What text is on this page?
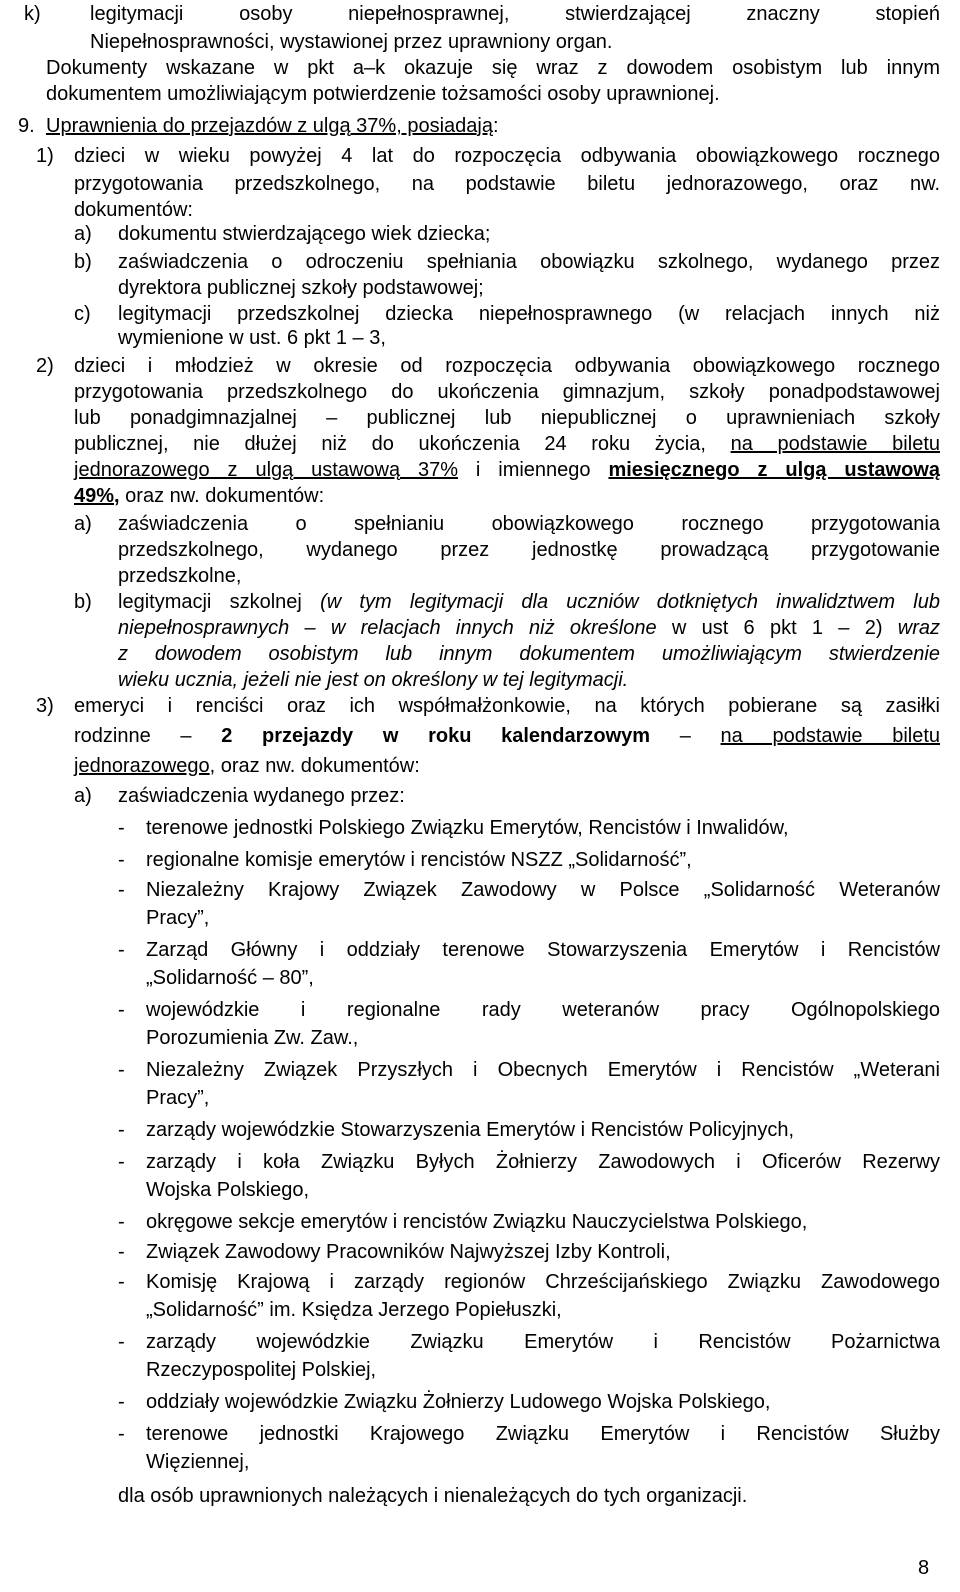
k) legitymacji osoby niepełnosprawnej, stwierdzającej znaczny stopień
Niepełnosprawności, wystawionej przez uprawniony organ.
Dokumenty wskazane w pkt a–k okazuje się wraz z dowodem osobistym lub innym
dokumentem umożliwiającym potwierdzenie tożsamości osoby uprawnionej.
9. Uprawnienia do przejazdów z ulgą 37%, posiadają:
1) dzieci w wieku powyżej 4 lat do rozpoczęcia odbywania obowiązkowego rocznego
przygotowania przedszkolnego, na podstawie biletu jednorazowego, oraz nw.
dokumentów:
a) dokumentu stwierdzającego wiek dziecka;
b) zaświadczenia o odroczeniu spełniania obowiązku szkolnego, wydanego przez
dyrektora publicznej szkoły podstawowej;
c) legitymacji przedszkolnej dziecka niepełnosprawnego (w relacjach innych niż
wymienione w ust. 6 pkt 1 – 3,
2) dzieci i młodzież w okresie od rozpoczęcia odbywania obowiązkowego rocznego
przygotowania przedszkolnego do ukończenia gimnazjum, szkoły ponadpodstawowej
lub ponadgimnazjalnej – publicznej lub niepublicznej o uprawnieniach szkoły
publicznej, nie dłużej niż do ukończenia 24 roku życia, na podstawie biletu
jednorazowego z ulgą ustawową 37% i imiennego miesięcznego z ulgą ustawową
49%, oraz nw. dokumentów:
a) zaświadczenia o spełnianiu obowiązkowego rocznego przygotowania
przedszkolnego, wydanego przez jednostkę prowadzącą przygotowanie
przedszkolne,
b) legitymacji szkolnej (w tym legitymacji dla uczniów dotkniętych inwalidztwem lub
niepełnosprawnych – w relacjach innych niż określone w ust 6 pkt 1 – 2) wraz
z dowodem osobistym lub innym dokumentem umożliwiającym stwierdzenie
wieku ucznia, jeżeli nie jest on określony w tej legitymacji.
3) emeryci i renciści oraz ich współmałżonkowie, na których pobierane są zasiłki
rodzinne – 2 przejazdy w roku kalendarzowym – na podstawie biletu
jednorazowego, oraz nw. dokumentów:
a) zaświadczenia wydanego przez:
- terenowe jednostki Polskiego Związku Emerytów, Rencistów i Inwalidów,
- regionalne komisje emerytów i rencistów NSZZ „Solidarność”,
- Niezależny Krajowy Związek Zawodowy w Polsce „Solidarność Weteranów
Pracy”,
- Zarząd Główny i oddziały terenowe Stowarzyszenia Emerytów i Rencistów
„Solidarność – 80”,
- wojewódzkie i regionalne rady weteranów pracy Ogólnopolskiego
Porozumienia Zw. Zaw.,
- Niezależny Związek Przyszłych i Obecnych Emerytów i Rencistów „Weterani
Pracy”,
- zarządy wojewódzkie Stowarzyszenia Emerytów i Rencistów Policyjnych,
- zarządy i koła Związku Byłych Żołnierzy Zawodowych i Oficerów Rezerwy
Wojska Polskiego,
- okręgowe sekcje emerytów i rencistów Związku Nauczycielstwa Polskiego,
- Związek Zawodowy Pracowników Najwyższej Izby Kontroli,
- Komisję Krajową i zarządy regionów Chrześcijańskiego Związku Zawodowego
„Solidarność” im. Księdza Jerzego Popiełuszki,
- zarządy wojewódzkie Związku Emerytów i Rencistów Pożarnictwa
Rzeczypospolitej Polskiej,
- oddziały wojewódzkie Związku Żołnierzy Ludowego Wojska Polskiego,
- terenowe jednostki Krajowego Związku Emerytów i Rencistów Służby
Więziennej,
dla osób uprawnionych należących i nienależących do tych organizacji.
8
